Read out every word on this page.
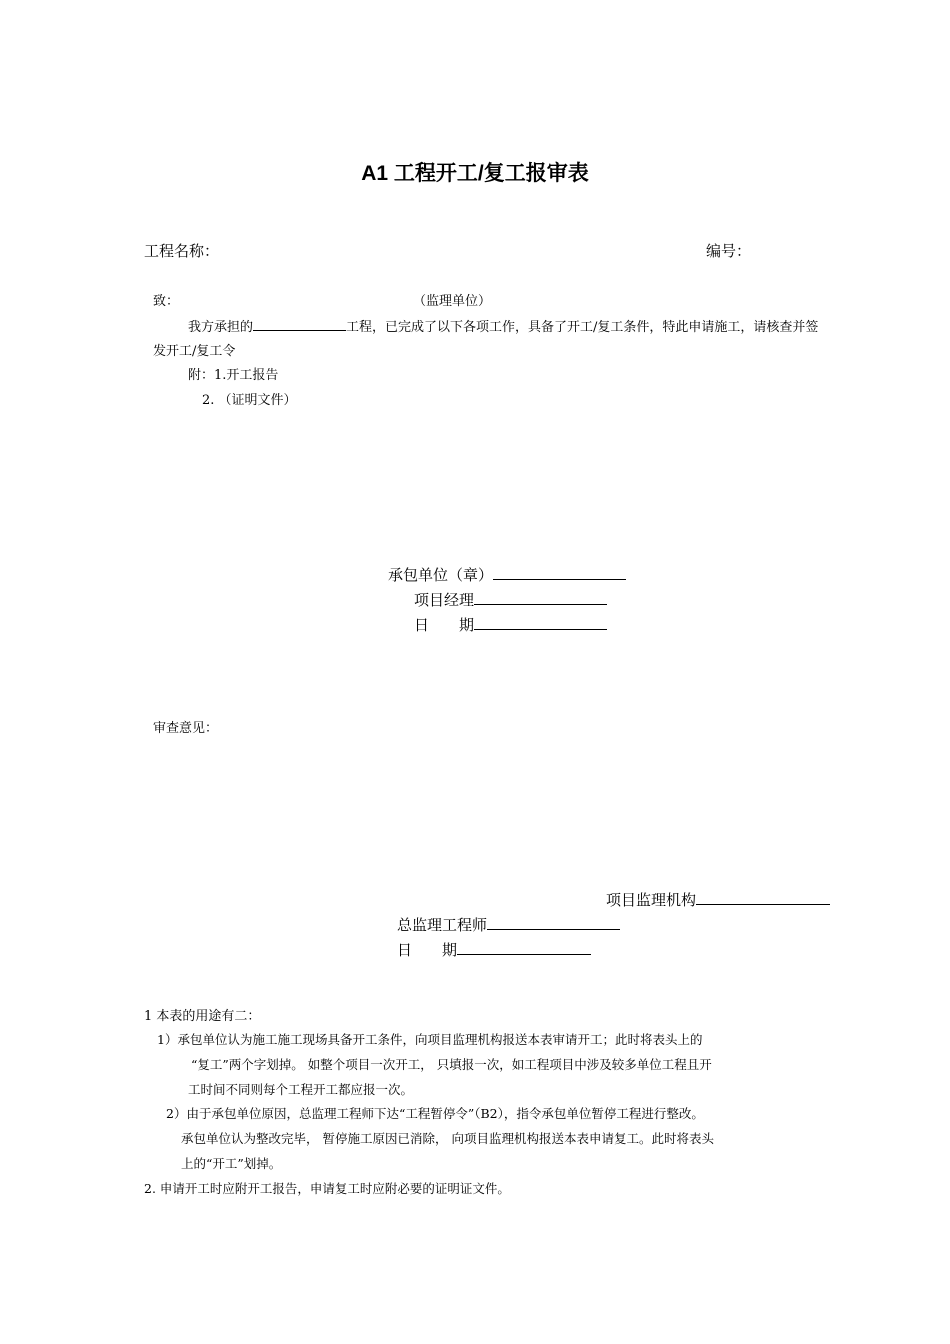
A1 工程开工/复工报审表
工程名称：	编号：
致：	（监理单位）
我方承担的	工程，已完成了以下各项工作，具备了开工/复工条件，特此申请施工，请核查并签
发开工/复工令
附：1.开工报告
2. （证明文件）
承包单位（章）
项目经理
日　　期
审查意见：
项目监理机构
总监理工程师
日　　期
1 本表的用途有二：
1）承包单位认为施工施工现场具备开工条件，向项目监理机构报送本表审请开工；此时将表头上的
“复工”两个字划掉。 如整个项目一次开工， 只填报一次，如工程项目中涉及较多单位工程且开
工时间不同则每个工程开工都应报一次。
2）由于承包单位原因，总监理工程师下达“工程暂停令”（B2），指令承包单位暂停工程进行整改。
承包单位认为整改完毕， 暂停施工原因已消除， 向项目监理机构报送本表申请复工。此时将表头
上的“开工”划掉。
2. 申请开工时应附开工报告，申请复工时应附必要的证明证文件。
